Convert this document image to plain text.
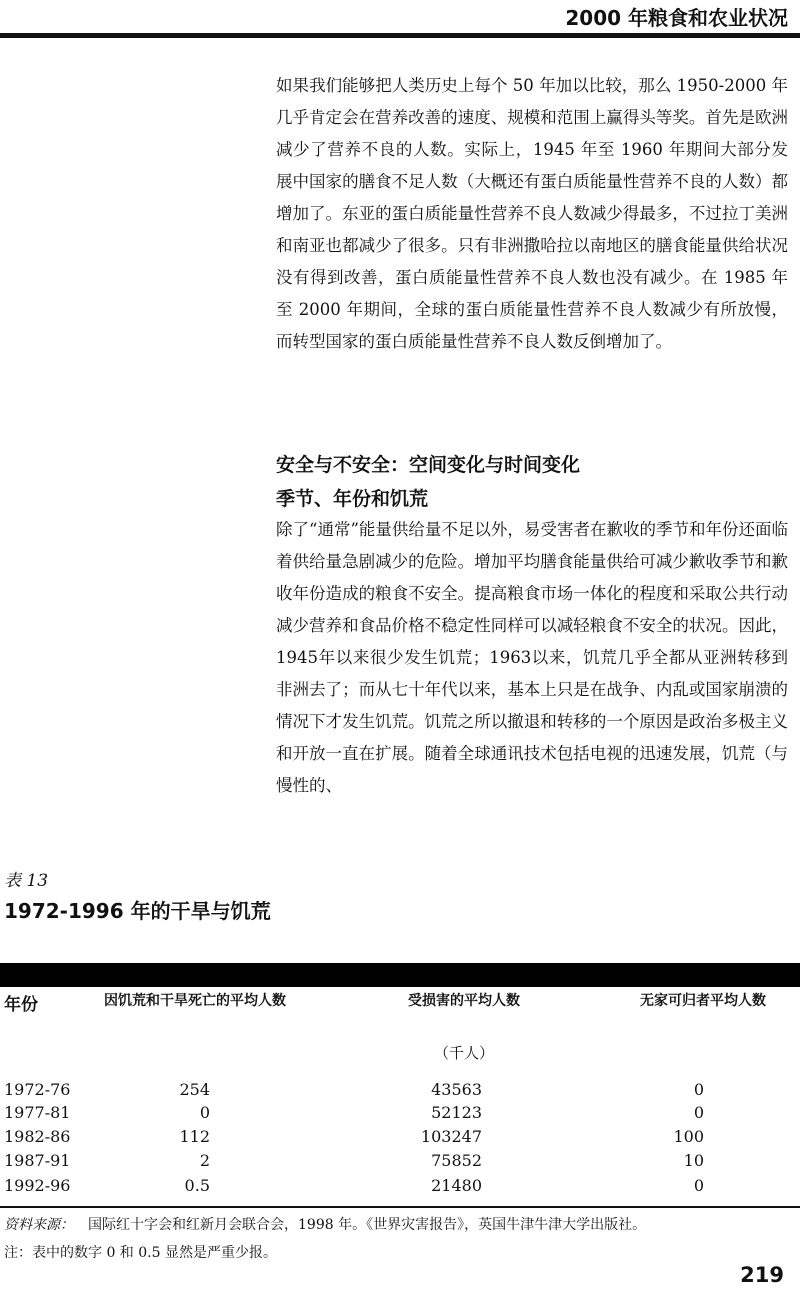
2000 年粮食和农业状况

如果我们能够把人类历史上每个 50 年加以比较，那么 1950-2000 年几乎肯定会在营养改善的速度、规模和范围上赢得头等奖。首先是欧洲减少了营养不良的人数。实际上，1945 年至 1960 年期间大部分发展中国家的膳食不足人数（大概还有蛋白质能量性营养不良的人数）都增加了。东亚的蛋白质能量性营养不良人数减少得最多，不过拉丁美洲和南亚也都减少了很多。只有非洲撒哈拉以南地区的膳食能量供给状况没有得到改善，蛋白质能量性营养不良人数也没有减少。在 1985 年至 2000 年期间，全球的蛋白质能量性营养不良人数减少有所放慢，而转型国家的蛋白质能量性营养不良人数反倒增加了。

安全与不安全：空间变化与时间变化
季节、年份和饥荒

除了“通常”能量供给量不足以外，易受害者在歉收的季节和年份还面临着供给量急剧减少的危险。增加平均膳食能量供给可减少歉收季节和歉收年份造成的粮食不安全。提高粮食市场一体化的程度和采取公共行动减少营养和食品价格不稳定性同样可以减轻粮食不安全的状况。因此，1945年以来很少发生饥荒；1963以来，饥荒几乎全都从亚洲转移到非洲去了；而从七十年代以来，基本上只是在战争、内乱或国家崩溃的情况下才发生饥荒。饥荒之所以撤退和转移的一个原因是政治多极主义和开放一直在扩展。随着全球通讯技术包括电视的迅速发展，饥荒（与慢性的、

表 13
1972-1996 年的干旱与饥荒
年份	因饥荒和干旱死亡的平均人数	受损害的平均人数	无家可归者平均人数
（千人）
1972-76	254	43563	0
1977-81	0	52123	0
1982-86	112	103247	100
1987-91	2	75852	10
1992-96	0.5	21480	0
资料来源： 国际红十字会和红新月会联合会，1998 年。《世界灾害报告》，英国牛津牛津大学出版社。
注：表中的数字 0 和 0.5 显然是严重少报。
219
